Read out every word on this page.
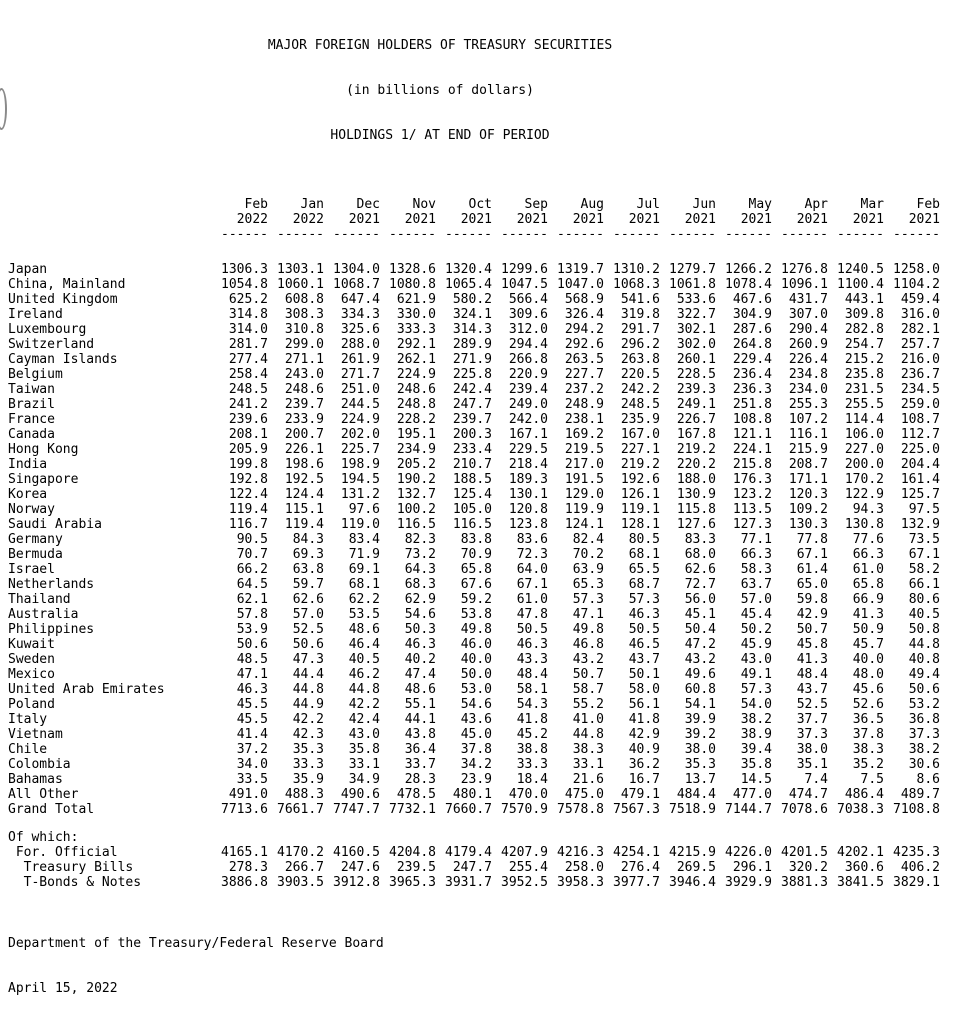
MAJOR FOREIGN HOLDERS OF TREASURY SECURITIES

(in billions of dollars)

HOLDINGS 1/ AT END OF PERIOD

	Feb	Jan	Dec	Nov	Oct	Sep	Aug	Jul	Jun	May	Apr	Mar	Feb
	2022	2022	2021	2021	2021	2021	2021	2021	2021	2021	2021	2021	2021
	------	------	------	------	------	------	------	------	------	------	------	------	------
Japan	1306.3	1303.1	1304.0	1328.6	1320.4	1299.6	1319.7	1310.2	1279.7	1266.2	1276.8	1240.5	1258.0
China, Mainland	1054.8	1060.1	1068.7	1080.8	1065.4	1047.5	1047.0	1068.3	1061.8	1078.4	1096.1	1100.4	1104.2
United Kingdom	625.2	608.8	647.4	621.9	580.2	566.4	568.9	541.6	533.6	467.6	431.7	443.1	459.4
Ireland	314.8	308.3	334.3	330.0	324.1	309.6	326.4	319.8	322.7	304.9	307.0	309.8	316.0
Luxembourg	314.0	310.8	325.6	333.3	314.3	312.0	294.2	291.7	302.1	287.6	290.4	282.8	282.1
Switzerland	281.7	299.0	288.0	292.1	289.9	294.4	292.6	296.2	302.0	264.8	260.9	254.7	257.7
Cayman Islands	277.4	271.1	261.9	262.1	271.9	266.8	263.5	263.8	260.1	229.4	226.4	215.2	216.0
Belgium	258.4	243.0	271.7	224.9	225.8	220.9	227.7	220.5	228.5	236.4	234.8	235.8	236.7
Taiwan	248.5	248.6	251.0	248.6	242.4	239.4	237.2	242.2	239.3	236.3	234.0	231.5	234.5
Brazil	241.2	239.7	244.5	248.8	247.7	249.0	248.9	248.5	249.1	251.8	255.3	255.5	259.0
France	239.6	233.9	224.9	228.2	239.7	242.0	238.1	235.9	226.7	108.8	107.2	114.4	108.7
Canada	208.1	200.7	202.0	195.1	200.3	167.1	169.2	167.0	167.8	121.1	116.1	106.0	112.7
Hong Kong	205.9	226.1	225.7	234.9	233.4	229.5	219.5	227.1	219.2	224.1	215.9	227.0	225.0
India	199.8	198.6	198.9	205.2	210.7	218.4	217.0	219.2	220.2	215.8	208.7	200.0	204.4
Singapore	192.8	192.5	194.5	190.2	188.5	189.3	191.5	192.6	188.0	176.3	171.1	170.2	161.4
Korea	122.4	124.4	131.2	132.7	125.4	130.1	129.0	126.1	130.9	123.2	120.3	122.9	125.7
Norway	119.4	115.1	97.6	100.2	105.0	120.8	119.9	119.1	115.8	113.5	109.2	94.3	97.5
Saudi Arabia	116.7	119.4	119.0	116.5	116.5	123.8	124.1	128.1	127.6	127.3	130.3	130.8	132.9
Germany	90.5	84.3	83.4	82.3	83.8	83.6	82.4	80.5	83.3	77.1	77.8	77.6	73.5
Bermuda	70.7	69.3	71.9	73.2	70.9	72.3	70.2	68.1	68.0	66.3	67.1	66.3	67.1
Israel	66.2	63.8	69.1	64.3	65.8	64.0	63.9	65.5	62.6	58.3	61.4	61.0	58.2
Netherlands	64.5	59.7	68.1	68.3	67.6	67.1	65.3	68.7	72.7	63.7	65.0	65.8	66.1
Thailand	62.1	62.6	62.2	62.9	59.2	61.0	57.3	57.3	56.0	57.0	59.8	66.9	80.6
Australia	57.8	57.0	53.5	54.6	53.8	47.8	47.1	46.3	45.1	45.4	42.9	41.3	40.5
Philippines	53.9	52.5	48.6	50.3	49.8	50.5	49.8	50.5	50.4	50.2	50.7	50.9	50.8
Kuwait	50.6	50.6	46.4	46.3	46.0	46.3	46.8	46.5	47.2	45.9	45.8	45.7	44.8
Sweden	48.5	47.3	40.5	40.2	40.0	43.3	43.2	43.7	43.2	43.0	41.3	40.0	40.8
Mexico	47.1	44.4	46.2	47.4	50.0	48.4	50.7	50.1	49.6	49.1	48.4	48.0	49.4
United Arab Emirates	46.3	44.8	44.8	48.6	53.0	58.1	58.7	58.0	60.8	57.3	43.7	45.6	50.6
Poland	45.5	44.9	42.2	55.1	54.6	54.3	55.2	56.1	54.1	54.0	52.5	52.6	53.2
Italy	45.5	42.2	42.4	44.1	43.6	41.8	41.0	41.8	39.9	38.2	37.7	36.5	36.8
Vietnam	41.4	42.3	43.0	43.8	45.0	45.2	44.8	42.9	39.2	38.9	37.3	37.8	37.3
Chile	37.2	35.3	35.8	36.4	37.8	38.8	38.3	40.9	38.0	39.4	38.0	38.3	38.2
Colombia	34.0	33.3	33.1	33.7	34.2	33.3	33.1	36.2	35.3	35.8	35.1	35.2	30.6
Bahamas	33.5	35.9	34.9	28.3	23.9	18.4	21.6	16.7	13.7	14.5	7.4	7.5	8.6
All Other	491.0	488.3	490.6	478.5	480.1	470.0	475.0	479.1	484.4	477.0	474.7	486.4	489.7
Grand Total	7713.6	7661.7	7747.7	7732.1	7660.7	7570.9	7578.8	7567.3	7518.9	7144.7	7078.6	7038.3	7108.8

Of which:													
For. Official	4165.1	4170.2	4160.5	4204.8	4179.4	4207.9	4216.3	4254.1	4215.9	4226.0	4201.5	4202.1	4235.3
Treasury Bills	278.3	266.7	247.6	239.5	247.7	255.4	258.0	276.4	269.5	296.1	320.2	360.6	406.2
T-Bonds & Notes	3886.8	3903.5	3912.8	3965.3	3931.7	3952.5	3958.3	3977.7	3946.4	3929.9	3881.3	3841.5	3829.1

Department of the Treasury/Federal Reserve Board

April 15, 2022
